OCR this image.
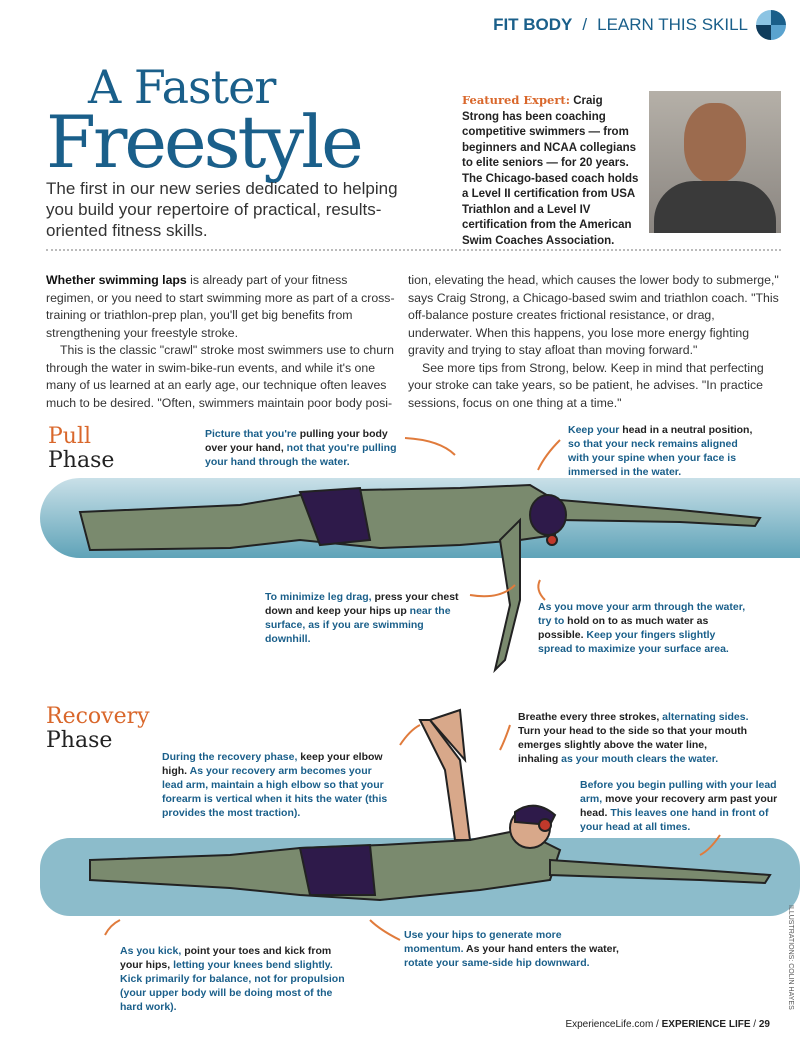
FIT BODY / LEARN THIS SKILL
A Faster
Freestyle
The first in our new series dedicated to helping you build your repertoire of practical, results-oriented fitness skills.
Featured Expert: Craig Strong has been coaching competitive swimmers — from beginners and NCAA collegians to elite seniors — for 20 years. The Chicago-based coach holds a Level II certification from USA Triathlon and a Level IV certification from the American Swim Coaches Association.

Whether swimming laps is already part of your fitness regimen, or you need to start swimming more as part of a cross-training or triathlon-prep plan, you'll get big benefits from strengthening your freestyle stroke.

This is the classic "crawl" stroke most swimmers use to churn through the water in swim-bike-run events, and while it's one many of us learned at an early age, our technique often leaves much to be desired. "Often, swimmers maintain poor body posi-

tion, elevating the head, which causes the lower body to submerge," says Craig Strong, a Chicago-based swim and triathlon coach. "This off-balance posture creates frictional resistance, or drag, underwater. When this happens, you lose more energy fighting gravity and trying to stay afloat than moving forward."

See more tips from Strong, below. Keep in mind that perfecting your stroke can take years, so be patient, he advises. "In practice sessions, focus on one thing at a time."

Pull
Phase
Picture that you're pulling your body over your hand, not that you're pulling your hand through the water.
Keep your head in a neutral position, so that your neck remains aligned with your spine when your face is immersed in the water.
To minimize leg drag, press your chest down and keep your hips up near the surface, as if you are swimming downhill.
As you move your arm through the water, try to hold on to as much water as possible. Keep your fingers slightly spread to maximize your surface area.
Recovery
Phase
During the recovery phase, keep your elbow high. As your recovery arm becomes your lead arm, maintain a high elbow so that your forearm is vertical when it hits the water (this provides the most traction).
Breathe every three strokes, alternating sides. Turn your head to the side so that your mouth emerges slightly above the water line, inhaling as your mouth clears the water.
Before you begin pulling with your lead arm, move your recovery arm past your head. This leaves one hand in front of your head at all times.
As you kick, point your toes and kick from your hips, letting your knees bend slightly. Kick primarily for balance, not for propulsion (your upper body will be doing most of the hard work).
Use your hips to generate more momentum. As your hand enters the water, rotate your same-side hip downward.	ILLUSTRATIONS: COLIN HAYES
ExperienceLife.com / EXPERIENCE LIFE / 29
